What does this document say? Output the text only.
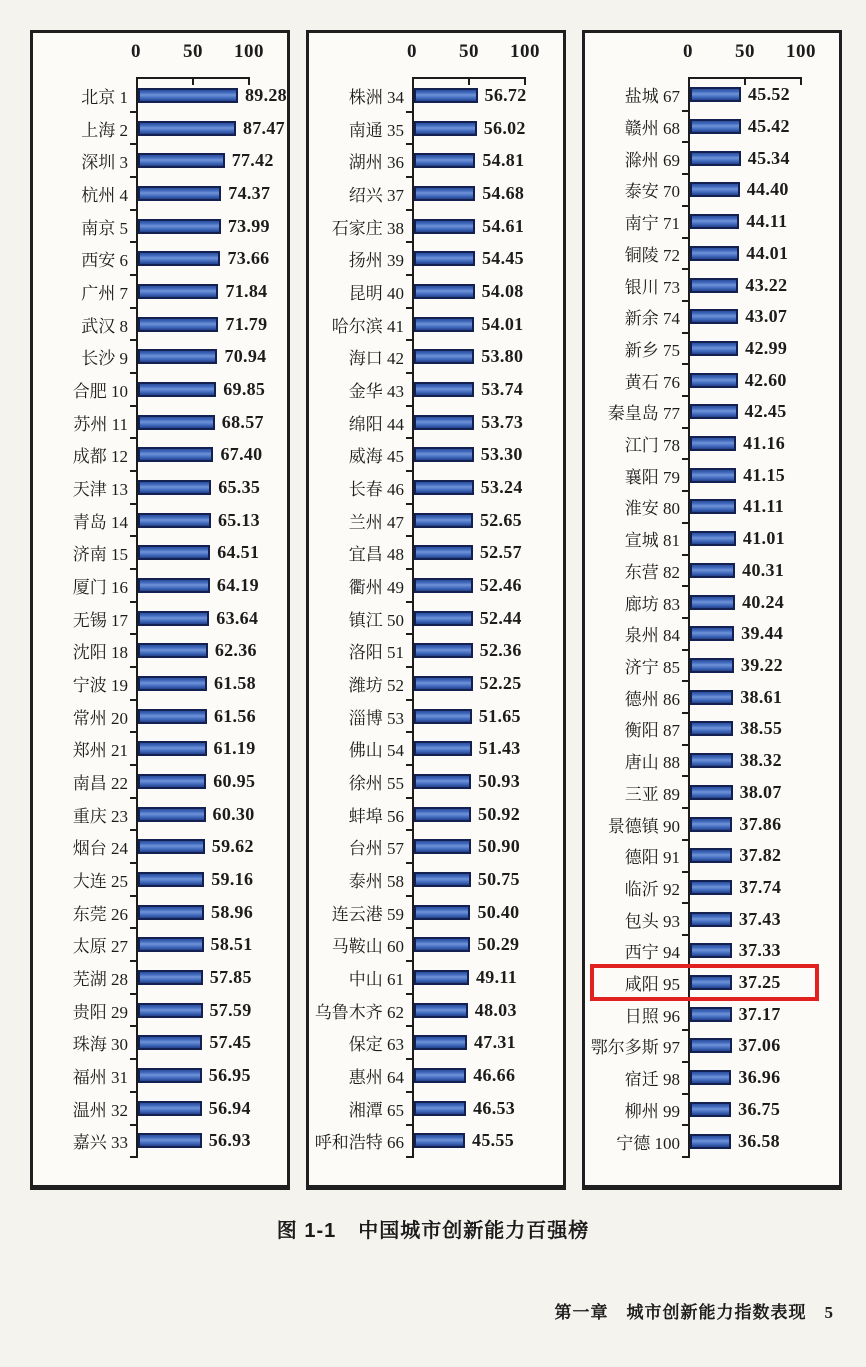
0 50 100
北京 1	89.28
上海 2	87.47
深圳 3	77.42
杭州 4	74.37
南京 5	73.99
西安 6	73.66
广州 7	71.84
武汉 8	71.79
长沙 9	70.94
合肥 10	69.85
苏州 11	68.57
成都 12	67.40
天津 13	65.35
青岛 14	65.13
济南 15	64.51
厦门 16	64.19
无锡 17	63.64
沈阳 18	62.36
宁波 19	61.58
常州 20	61.56
郑州 21	61.19
南昌 22	60.95
重庆 23	60.30
烟台 24	59.62
大连 25	59.16
东莞 26	58.96
太原 27	58.51
芜湖 28	57.85
贵阳 29	57.59
珠海 30	57.45
福州 31	56.95
温州 32	56.94
嘉兴 33	56.93
0 50 100
株洲 34	56.72
南通 35	56.02
湖州 36	54.81
绍兴 37	54.68
石家庄 38	54.61
扬州 39	54.45
昆明 40	54.08
哈尔滨 41	54.01
海口 42	53.80
金华 43	53.74
绵阳 44	53.73
威海 45	53.30
长春 46	53.24
兰州 47	52.65
宜昌 48	52.57
衢州 49	52.46
镇江 50	52.44
洛阳 51	52.36
潍坊 52	52.25
淄博 53	51.65
佛山 54	51.43
徐州 55	50.93
蚌埠 56	50.92
台州 57	50.90
泰州 58	50.75
连云港 59	50.40
马鞍山 60	50.29
中山 61	49.11
乌鲁木齐 62	48.03
保定 63	47.31
惠州 64	46.66
湘潭 65	46.53
呼和浩特 66	45.55
0 50 100
盐城 67	45.52
赣州 68	45.42
滁州 69	45.34
泰安 70	44.40
南宁 71	44.11
铜陵 72	44.01
银川 73	43.22
新余 74	43.07
新乡 75	42.99
黄石 76	42.60
秦皇岛 77	42.45
江门 78	41.16
襄阳 79	41.15
淮安 80	41.11
宣城 81	41.01
东营 82	40.31
廊坊 83	40.24
泉州 84	39.44
济宁 85	39.22
德州 86	38.61
衡阳 87	38.55
唐山 88	38.32
三亚 89	38.07
景德镇 90	37.86
德阳 91	37.82
临沂 92	37.74
包头 93	37.43
西宁 94	37.33
咸阳 95	37.25
日照 96	37.17
鄂尔多斯 97	37.06
宿迁 98	36.96
柳州 99	36.75
宁德 100	36.58
图 1-1 中国城市创新能力百强榜
第一章　城市创新能力指数表现 5
